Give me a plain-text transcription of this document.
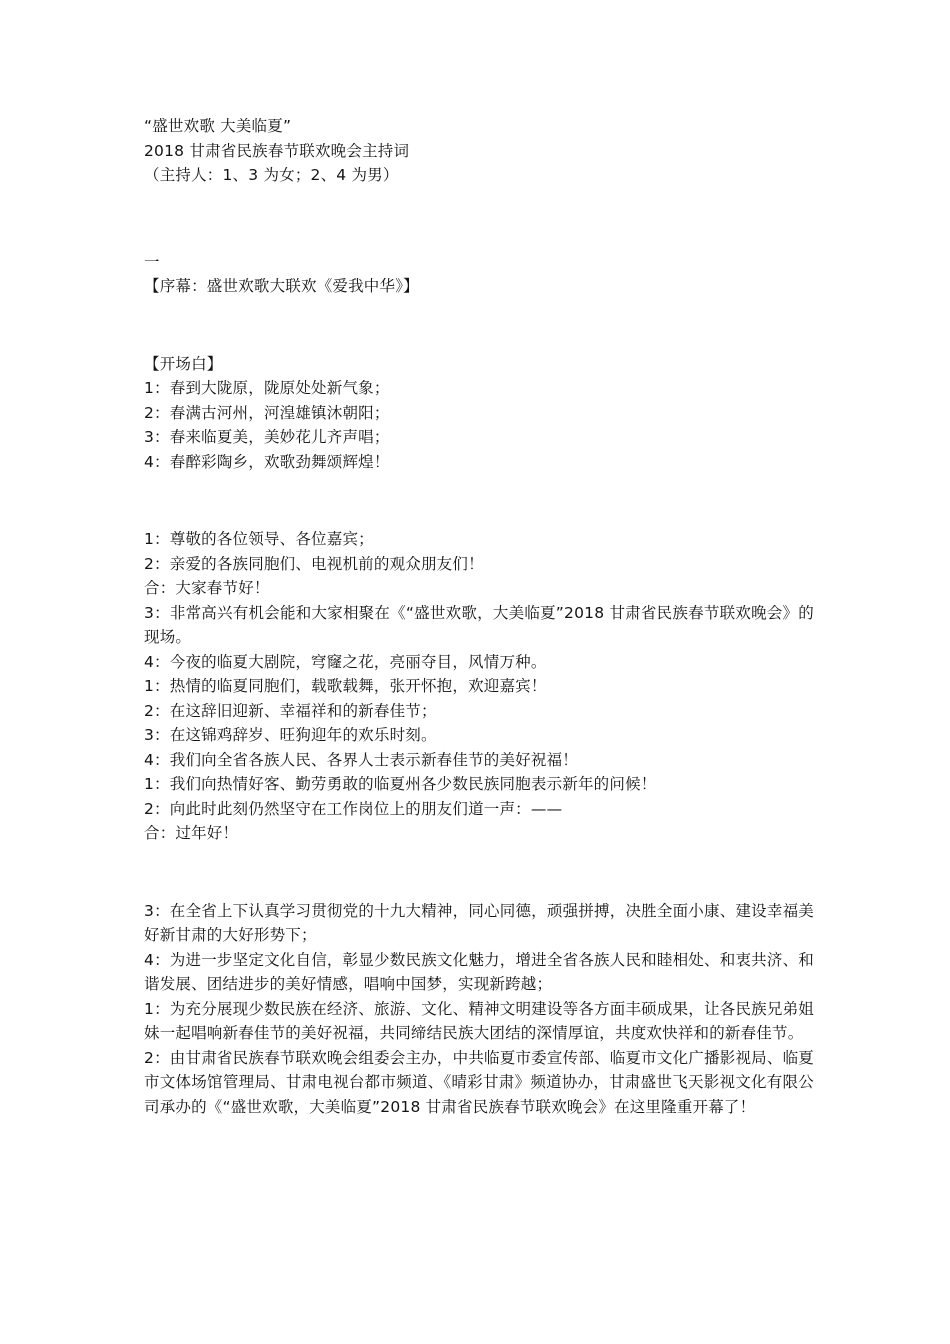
“盛世欢歌 大美临夏”
2018 甘肃省民族春节联欢晚会主持词
（主持人：1、3 为女；2、4 为男）
一
【序幕：盛世欢歌大联欢《爱我中华》】
【开场白】
1：春到大陇原，陇原处处新气象；
2：春满古河州，河湟雄镇沐朝阳；
3：春来临夏美，美妙花儿齐声唱；
4：春醉彩陶乡，欢歌劲舞颂辉煌！
1：尊敬的各位领导、各位嘉宾；
2：亲爱的各族同胞们、电视机前的观众朋友们！
合：大家春节好！
3：非常高兴有机会能和大家相聚在《“盛世欢歌，大美临夏”2018 甘肃省民族春节联欢晚会》的现场。
4：今夜的临夏大剧院，穹窿之花，亮丽夺目，风情万种。
1：热情的临夏同胞们，载歌载舞，张开怀抱，欢迎嘉宾！
2：在这辞旧迎新、幸福祥和的新春佳节；
3：在这锦鸡辞岁、旺狗迎年的欢乐时刻。
4：我们向全省各族人民、各界人士表示新春佳节的美好祝福！
1：我们向热情好客、勤劳勇敢的临夏州各少数民族同胞表示新年的问候！
2：向此时此刻仍然坚守在工作岗位上的朋友们道一声：——
合：过年好！
3：在全省上下认真学习贯彻党的十九大精神，同心同德，顽强拼搏，决胜全面小康、建设幸福美好新甘肃的大好形势下；
4：为进一步坚定文化自信，彰显少数民族文化魅力，增进全省各族人民和睦相处、和衷共济、和谐发展、团结进步的美好情感，唱响中国梦，实现新跨越；
1：为充分展现少数民族在经济、旅游、文化、精神文明建设等各方面丰硕成果，让各民族兄弟姐妹一起唱响新春佳节的美好祝福，共同缔结民族大团结的深情厚谊，共度欢快祥和的新春佳节。
2：由甘肃省民族春节联欢晚会组委会主办，中共临夏市委宣传部、临夏市文化广播影视局、临夏市文体场馆管理局、甘肃电视台都市频道、《晴彩甘肃》频道协办，甘肃盛世飞天影视文化有限公司承办的《“盛世欢歌，大美临夏”2018 甘肃省民族春节联欢晚会》在这里隆重开幕了！
